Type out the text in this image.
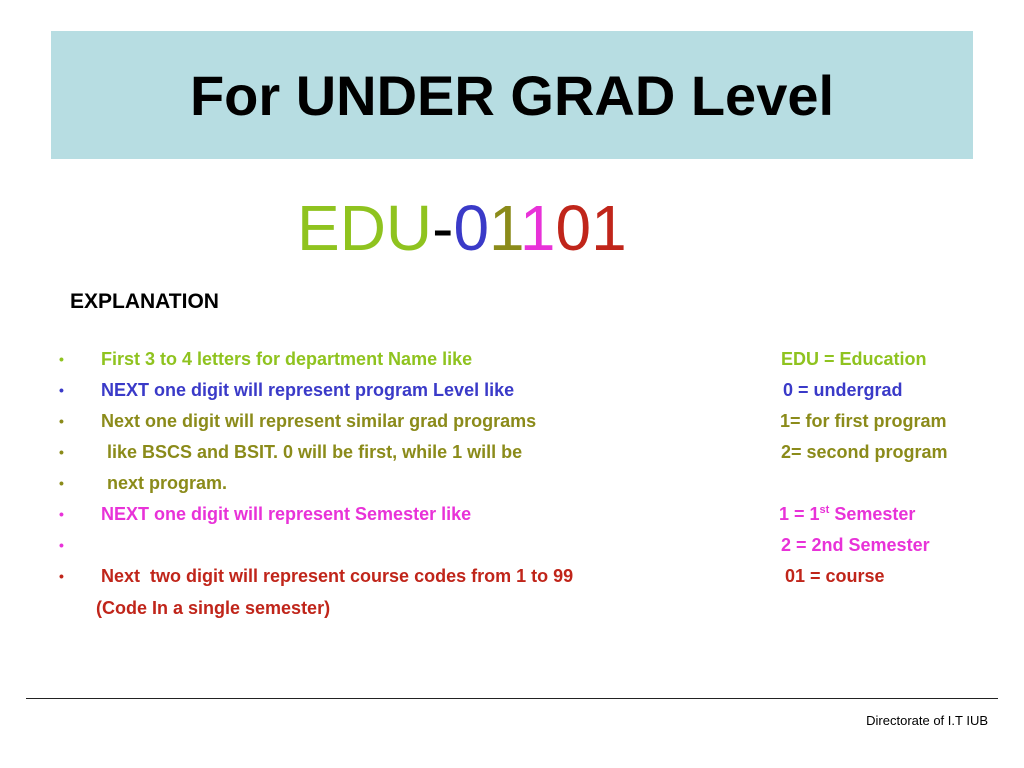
For UNDER GRAD Level
EDU-01101
EXPLANATION
• First 3 to 4 letters for department Name like	EDU = Education
• NEXT one digit will represent program Level like	0 = undergrad
• Next one digit will represent similar grad programs	1= for first program
• like BSCS and BSIT. 0 will be first, while 1 will be	2= second program
• next program.
• NEXT one digit will represent Semester like	1 = 1st Semester
•	2 = 2nd Semester
• Next  two digit will represent course codes from 1 to 99	01 = course
(Code In a single semester)
Directorate of I.T IUB
